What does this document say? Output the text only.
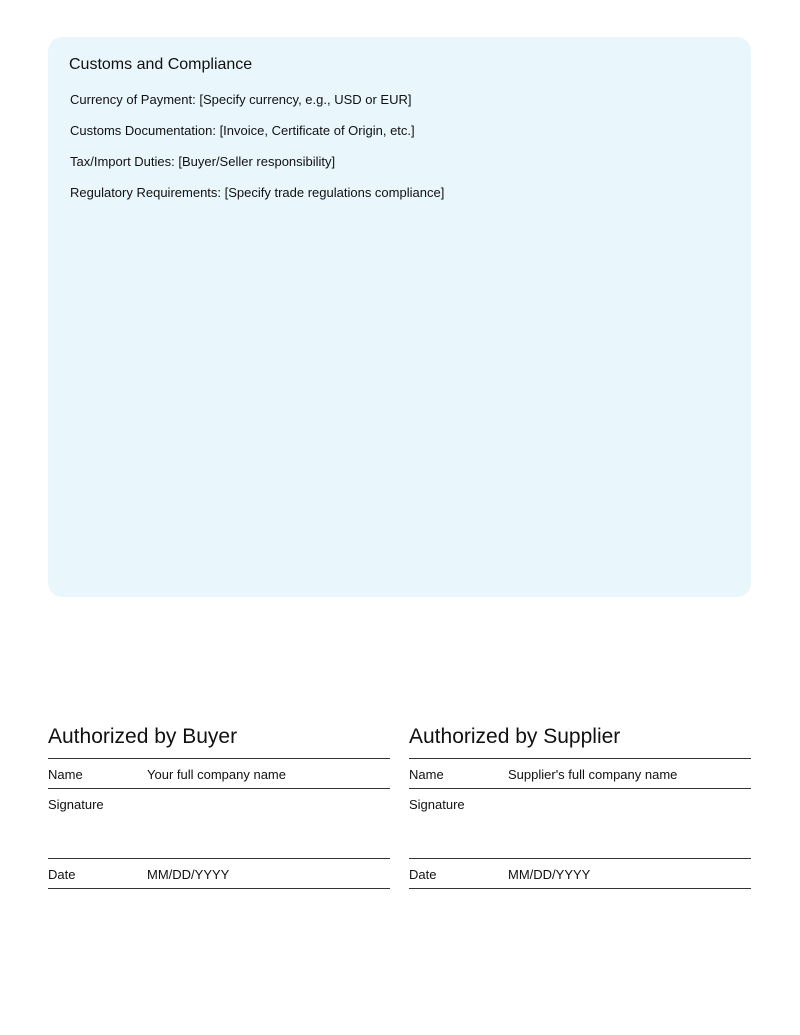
Customs and Compliance
Currency of Payment: [Specify currency, e.g., USD or EUR]
Customs Documentation: [Invoice, Certificate of Origin, etc.]
Tax/Import Duties: [Buyer/Seller responsibility]
Regulatory Requirements: [Specify trade regulations compliance]
Authorized by Buyer
Name	Your full company name
Signature
Date	MM/DD/YYYY
Authorized by Supplier
Name	Supplier's full company name
Signature
Date	MM/DD/YYYY
